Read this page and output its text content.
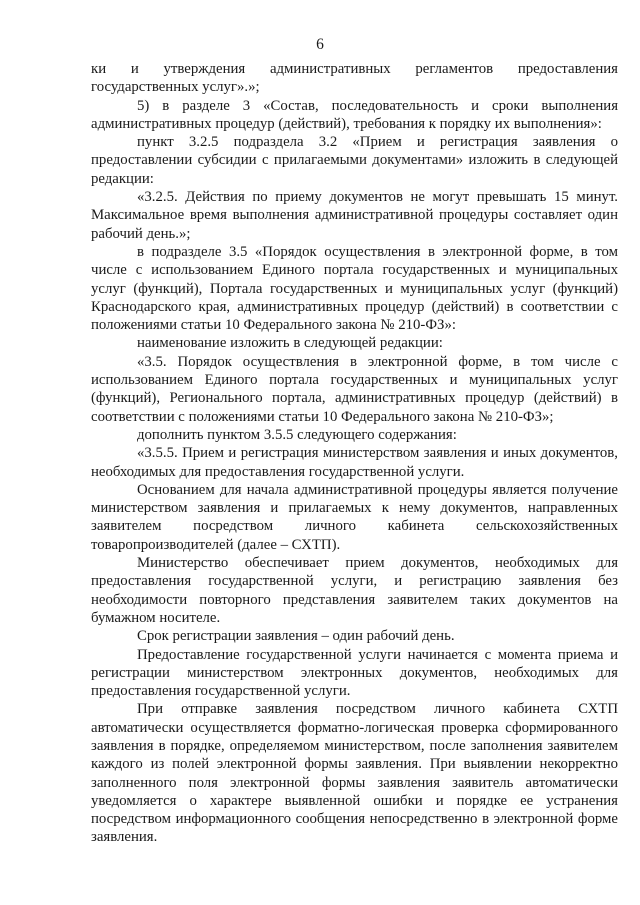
6

ки и утверждения административных регламентов предоставления государственных услуг».»;

5) в разделе 3 «Состав, последовательность и сроки выполнения административных процедур (действий), требования к порядку их выполнения»:

пункт 3.2.5 подраздела 3.2 «Прием и регистрация заявления о предоставлении субсидии с прилагаемыми документами» изложить в следующей редакции:

«3.2.5. Действия по приему документов не могут превышать 15 минут. Максимальное время выполнения административной процедуры составляет один рабочий день.»;

в подразделе 3.5 «Порядок осуществления в электронной форме, в том числе с использованием Единого портала государственных и муниципальных услуг (функций), Портала государственных и муниципальных услуг (функций) Краснодарского края, административных процедур (действий) в соответствии с положениями статьи 10 Федерального закона № 210-ФЗ»:

наименование изложить в следующей редакции:

«3.5. Порядок осуществления в электронной форме, в том числе с использованием Единого портала государственных и муниципальных услуг (функций), Регионального портала, административных процедур (действий) в соответствии с положениями статьи 10 Федерального закона № 210-ФЗ»;

дополнить пунктом 3.5.5 следующего содержания:

«3.5.5. Прием и регистрация министерством заявления и иных документов, необходимых для предоставления государственной услуги.

Основанием для начала административной процедуры является получение министерством заявления и прилагаемых к нему документов, направленных заявителем посредством личного кабинета сельскохозяйственных товаропроизводителей (далее – СХТП).

Министерство обеспечивает прием документов, необходимых для предоставления государственной услуги, и регистрацию заявления без необходимости повторного представления заявителем таких документов на бумажном носителе.

Срок регистрации заявления – один рабочий день.

Предоставление государственной услуги начинается с момента приема и регистрации министерством электронных документов, необходимых для предоставления государственной услуги.

При отправке заявления посредством личного кабинета СХТП автоматически осуществляется форматно-логическая проверка сформированного заявления в порядке, определяемом министерством, после заполнения заявителем каждого из полей электронной формы заявления. При выявлении некорректно заполненного поля электронной формы заявления заявитель автоматически уведомляется о характере выявленной ошибки и порядке ее устранения посредством информационного сообщения непосредственно в электронной форме заявления.
